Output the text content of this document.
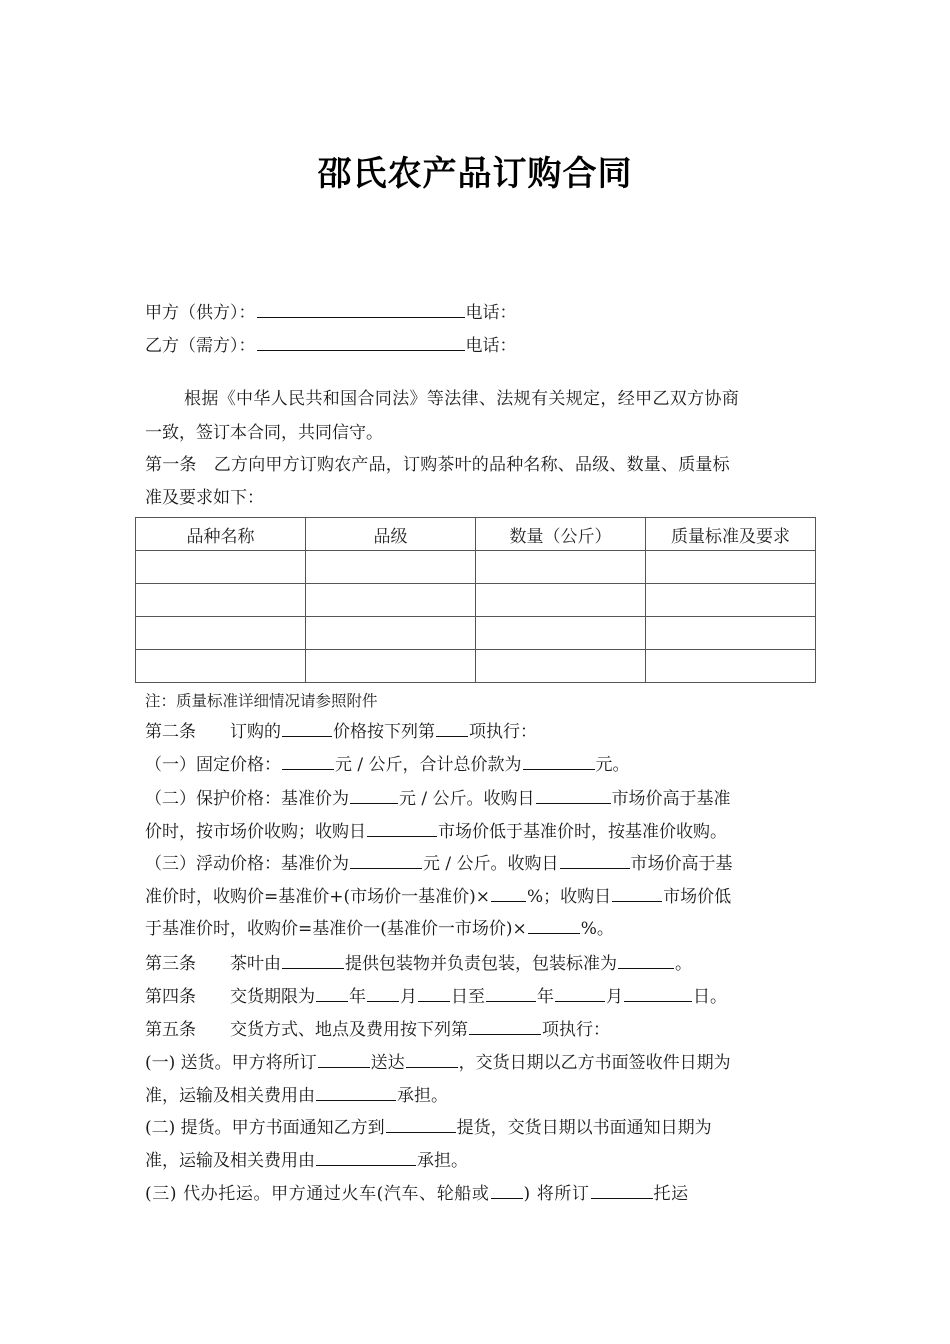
邵氏农产品订购合同
甲方（供方）：	电话：
乙方（需方）：	电话：
根据《中华人民共和国合同法》等法律、法规有关规定，经甲乙双方协商
一致，签订本合同，共同信守。
第一条　乙方向甲方订购农产品，订购茶叶的品种名称、品级、数量、质量标
准及要求如下：
品种名称	品级	数量（公斤）	质量标准及要求

注：质量标准详细情况请参照附件
第二条　　订购的	价格按下列第 项执行：
（一）固定价格：	元 / 公斤，合计总价款为	元。
（二）保护价格：基准价为	元 / 公斤。收购日	市场价高于基准
价时，按市场价收购；收购日	市场价低于基准价时，按基准价收购。
（三）浮动价格：基准价为	元 / 公斤。收购日	市场价高于基
准价时，收购价=基准价+(市场价一基准价)× %；收购日	市场价低
于基准价时，收购价=基准价一(基准价一市场价)×	%。
第三条　　茶叶由	提供包装物并负责包装，包装标准为	。
第四条　　交货期限为 年 月 日至	年	月	日。
第五条　　交货方式、地点及费用按下列第	项执行：
(一) 送货。甲方将所订	送达	，交货日期以乙方书面签收件日期为
准，运输及相关费用由	承担。
(二) 提货。甲方书面通知乙方到	提货，交货日期以书面通知日期为
准，运输及相关费用由	承担。
(三) 代办托运。甲方通过火车(汽车、轮船或 ) 将所订	托运
